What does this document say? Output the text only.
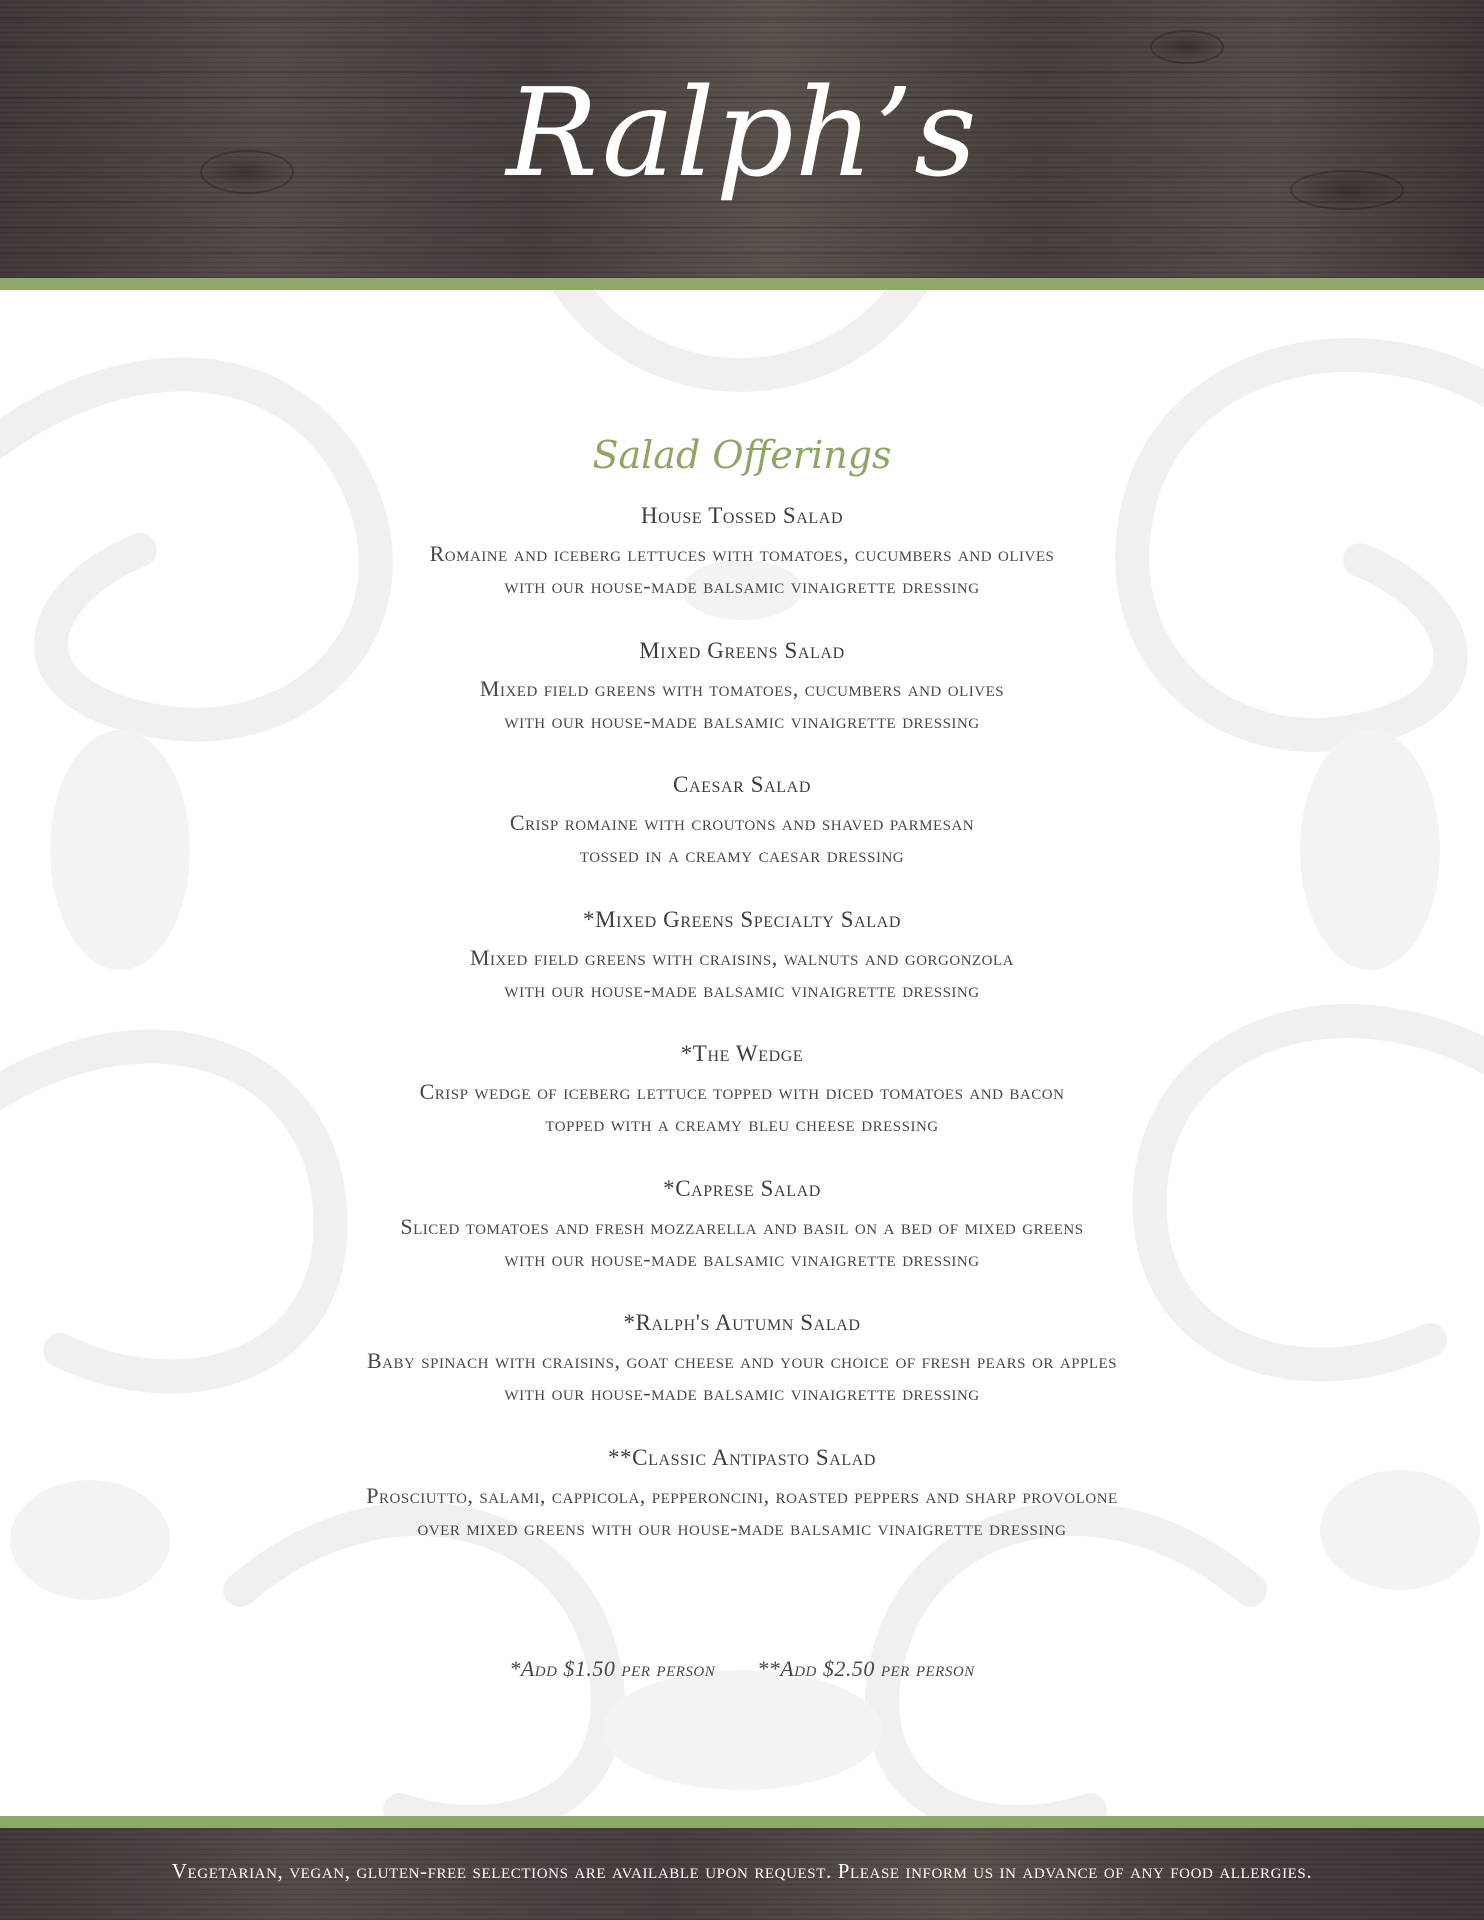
Ralph’s
Salad Offerings
House Tossed Salad
Romaine and iceberg lettuces with tomatoes, cucumbers and olives
with our house-made balsamic vinaigrette dressing
Mixed Greens Salad
Mixed field greens with tomatoes, cucumbers and olives
with our house-made balsamic vinaigrette dressing
Caesar Salad
Crisp romaine with croutons and shaved parmesan
tossed in a creamy caesar dressing
*Mixed Greens Specialty Salad
Mixed field greens with craisins, walnuts and gorgonzola
with our house-made balsamic vinaigrette dressing
*The Wedge
Crisp wedge of iceberg lettuce topped with diced tomatoes and bacon
topped with a creamy bleu cheese dressing
*Caprese Salad
Sliced tomatoes and fresh mozzarella and basil on a bed of mixed greens
with our house-made balsamic vinaigrette dressing
*Ralph's Autumn Salad
Baby spinach with craisins, goat cheese and your choice of fresh pears or apples
with our house-made balsamic vinaigrette dressing
**Classic Antipasto Salad
Prosciutto, salami, cappicola, pepperoncini, roasted peppers and sharp provolone
over mixed greens with our house-made balsamic vinaigrette dressing
*Add $1.50 per person **Add $2.50 per person
Vegetarian, vegan, gluten-free selections are available upon request. Please inform us in advance of any food allergies.
